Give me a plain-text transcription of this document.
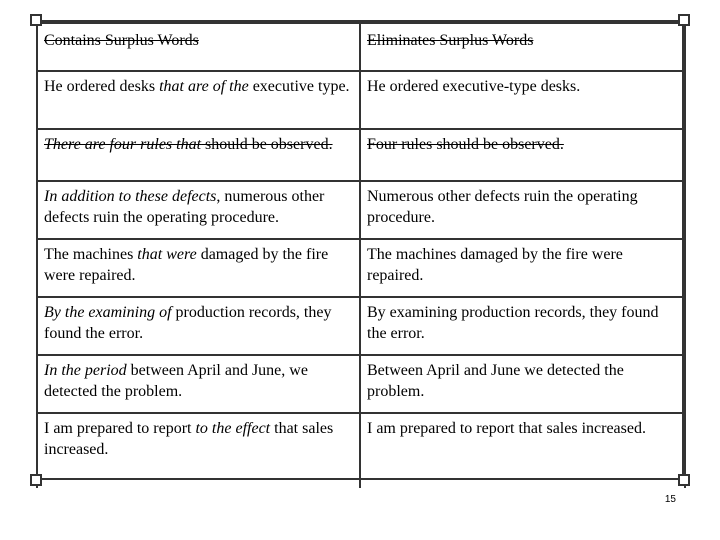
Contains Surplus Words	Eliminates Surplus Words
He ordered desks that are of the executive type.	He ordered executive-type desks.
There are four rules that should be observed.	Four rules should be observed.
In addition to these defects, numerous other defects ruin the operating procedure.	Numerous other defects ruin the operating procedure.
The machines that were damaged by the fire were repaired.	The machines damaged by the fire were repaired.
By the examining of production records, they found the error.	By examining production records, they found the error.
In the period between April and June, we detected the problem.	Between April and June we detected the problem.
I am prepared to report to the effect that sales increased.	I am prepared to report that sales increased.
15
